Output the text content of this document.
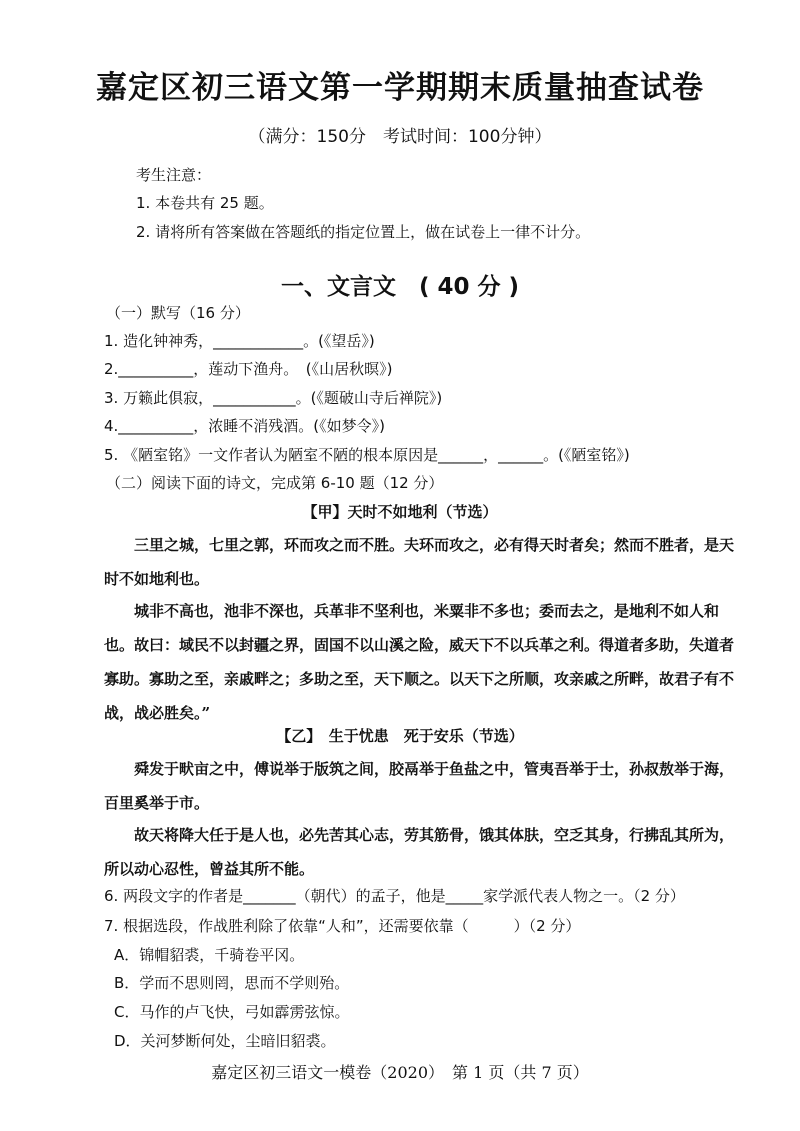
嘉定区初三语文第一学期期末质量抽查试卷
（满分：150分　考试时间：100分钟）
考生注意：
1. 本卷共有 25 题。
2. 请将所有答案做在答题纸的指定位置上，做在试卷上一律不计分。
一、文言文　( 40 分 )
（一）默写（16 分）
1. 造化钟神秀，____________。(《望岳》)
2.__________，莲动下渔舟。　(《山居秋暝》)
3. 万籁此俱寂，___________。(《题破山寺后禅院》)
4.__________，浓睡不消残酒。(《如梦令》)
5. 《陋室铭》一文作者认为陋室不陋的根本原因是______，______。(《陋室铭》)
（二）阅读下面的诗文，完成第 6-10 题（12 分）
【甲】天时不如地利（节选）
三里之城，七里之郭，环而攻之而不胜。夫环而攻之，必有得天时者矣；然而不胜者，是天时不如地利也。
城非不高也，池非不深也，兵革非不坚利也，米粟非不多也；委而去之，是地利不如人和也。 故曰：域民不以封疆之界，固国不以山溪之险，威天下不以兵革之利。得道者多助，失道者寡助。寡助之至，亲戚畔之；多助之至，天下顺之。以天下之所顺，攻亲戚之所畔，故君子有不战，战必胜矣。”
【乙】　生于忧患　死于安乐（节选）
舜发于畎亩之中，傅说举于版筑之间，胶鬲举于鱼盐之中，管夷吾举于士，孙叔敖举于海，百里奚举于市。
故天将降大任于是人也，必先苦其心志，劳其筋骨，饿其体肤，空乏其身，行拂乱其所为，所以动心忍性，曾益其所不能。
6. 两段文字的作者是_______（朝代）的孟子，他是_____家学派代表人物之一。（2 分）
7. 根据选段，作战胜利除了依靠“人和”，还需要依靠（　　　）（2 分）
A．锦帽貂裘，千骑卷平冈。
B．学而不思则罔，思而不学则殆。
C．马作的卢飞快，弓如霹雳弦惊。
D．关河梦断何处，尘暗旧貂裘。
嘉定区初三语文一模卷（2020）　第 1 页（共 7 页）
